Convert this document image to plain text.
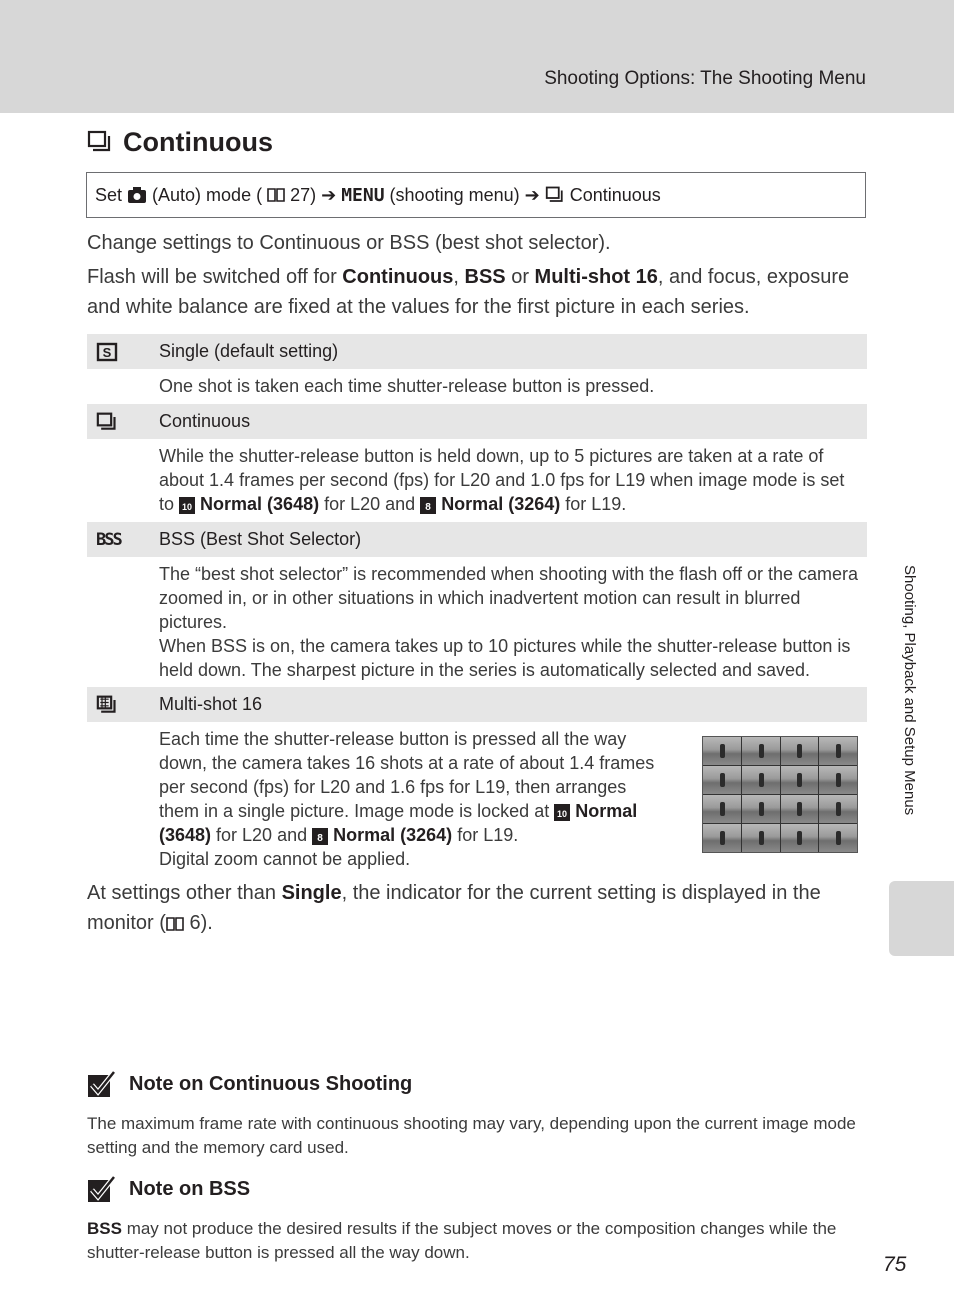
Shooting Options: The Shooting Menu
Continuous
Set (Auto) mode ( 27) ➔ MENU (shooting menu) ➔ Continuous
Change settings to Continuous or BSS (best shot selector).
Flash will be switched off for Continuous, BSS or Multi-shot 16, and focus, exposure and white balance are fixed at the values for the first picture in each series.
S	Single (default setting)
One shot is taken each time shutter-release button is pressed.
Continuous
While the shutter-release button is held down, up to 5 pictures are taken at a rate of about 1.4 frames per second (fps) for L20 and 1.0 fps for L19 when image mode is set to 10 Normal (3648) for L20 and 8 Normal (3264) for L19.
BSS BSS (Best Shot Selector)
The “best shot selector” is recommended when shooting with the flash off or the camera zoomed in, or in other situations in which inadvertent motion can result in blurred pictures.
When BSS is on, the camera takes up to 10 pictures while the shutter-release button is held down. The sharpest picture in the series is automatically selected and saved.
Multi-shot 16
Each time the shutter-release button is pressed all the way down, the camera takes 16 shots at a rate of about 1.4 frames per second (fps) for L20 and 1.6 fps for L19, then arranges them in a single picture. Image mode is locked at 10 Normal (3648) for L20 and 8 Normal (3264) for L19.
Digital zoom cannot be applied.
At settings other than Single, the indicator for the current setting is displayed in the monitor ( 6).
Note on Continuous Shooting
The maximum frame rate with continuous shooting may vary, depending upon the current image mode setting and the memory card used.
Note on BSS
BSS may not produce the desired results if the subject moves or the composition changes while the shutter-release button is pressed all the way down.
Shooting, Playback and Setup Menus
75
